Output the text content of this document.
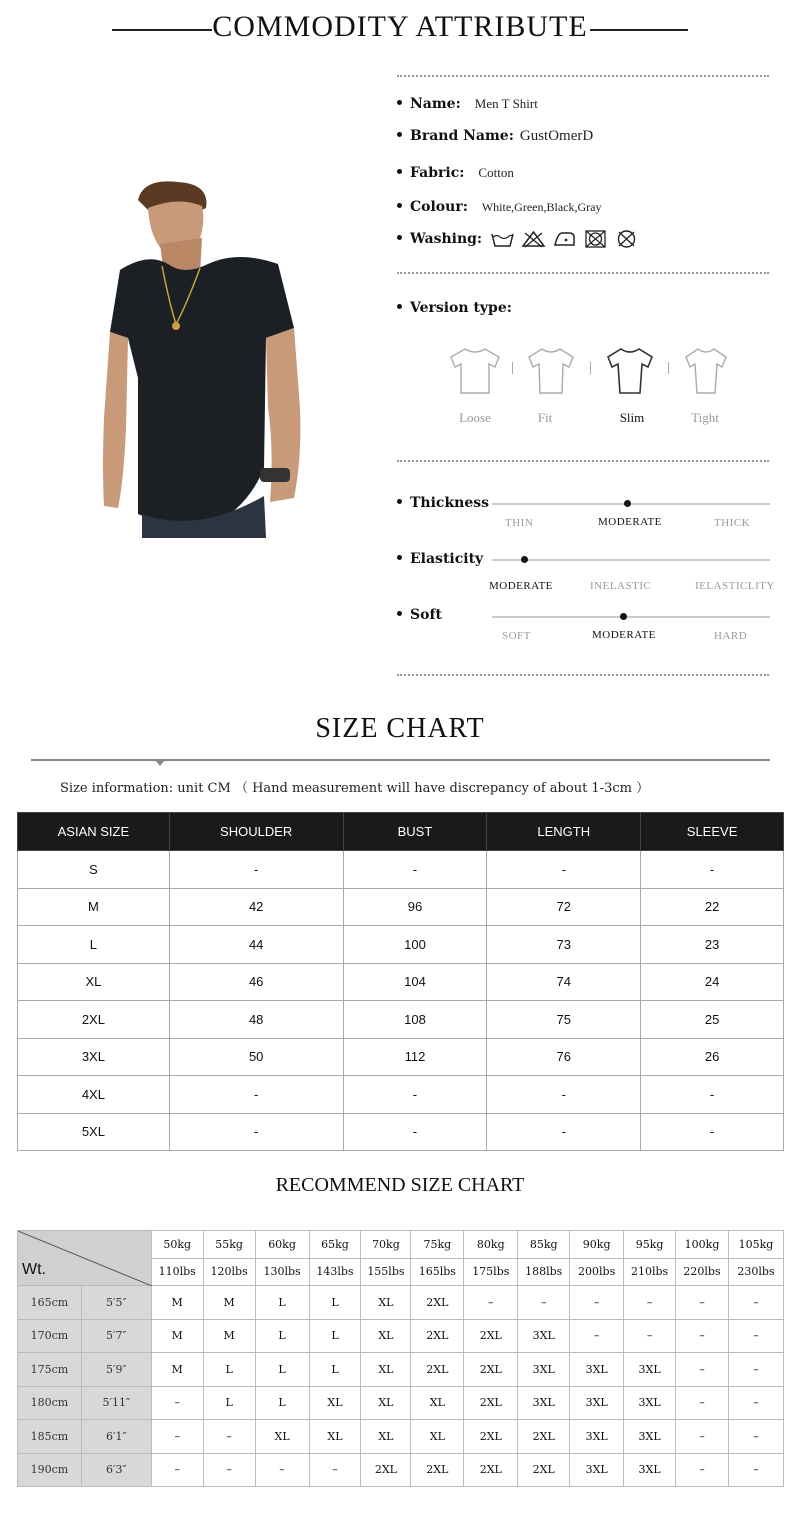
COMMODITY ATTRIBUTE
Name: Men T Shirt
Brand Name: GustOmerD
Fabric: Cotton
Colour: White,Green,Black,Gray
Washing:
Version type:
Loose	Fit	Slim	Tight
Thickness
THIN	MODERATE	THICK
Elasticity
MODERATE	INELASTIC	IELASTICLITY
Soft
SOFT	MODERATE	HARD
SIZE CHART
Size information: unit CM （ Hand measurement will have discrepancy of about 1-3cm ）
ASIAN SIZE	SHOULDER	BUST	LENGTH	SLEEVE
S	-	-	-	-
M	42	96	72	22
L	44	100	73	23
XL	46	104	74	24
2XL	48	108	75	25
3XL	50	112	76	26
4XL	-	-	-	-
5XL	-	-	-	-
RECOMMEND SIZE CHART
Wt.		50kg	55kg	60kg	65kg	70kg	75kg	80kg	85kg	90kg	95kg	100kg	105kg
		110lbs	120lbs	130lbs	143lbs	155lbs	165lbs	175lbs	188lbs	200lbs	210lbs	220lbs	230lbs
165cm	5′5″	M	M	L	L	XL	2XL	–	–	–	–	–	–
170cm	5′7″	M	M	L	L	XL	2XL	2XL	3XL	–	–	–	–
175cm	5′9″	M	L	L	L	XL	2XL	2XL	3XL	3XL	3XL	–	–
180cm	5′11″	–	L	L	XL	XL	XL	2XL	3XL	3XL	3XL	–	–
185cm	6′1″	–	–	XL	XL	XL	XL	2XL	2XL	3XL	3XL	–	–
190cm	6′3″	–	–	–	–	2XL	2XL	2XL	2XL	3XL	3XL	–	–
